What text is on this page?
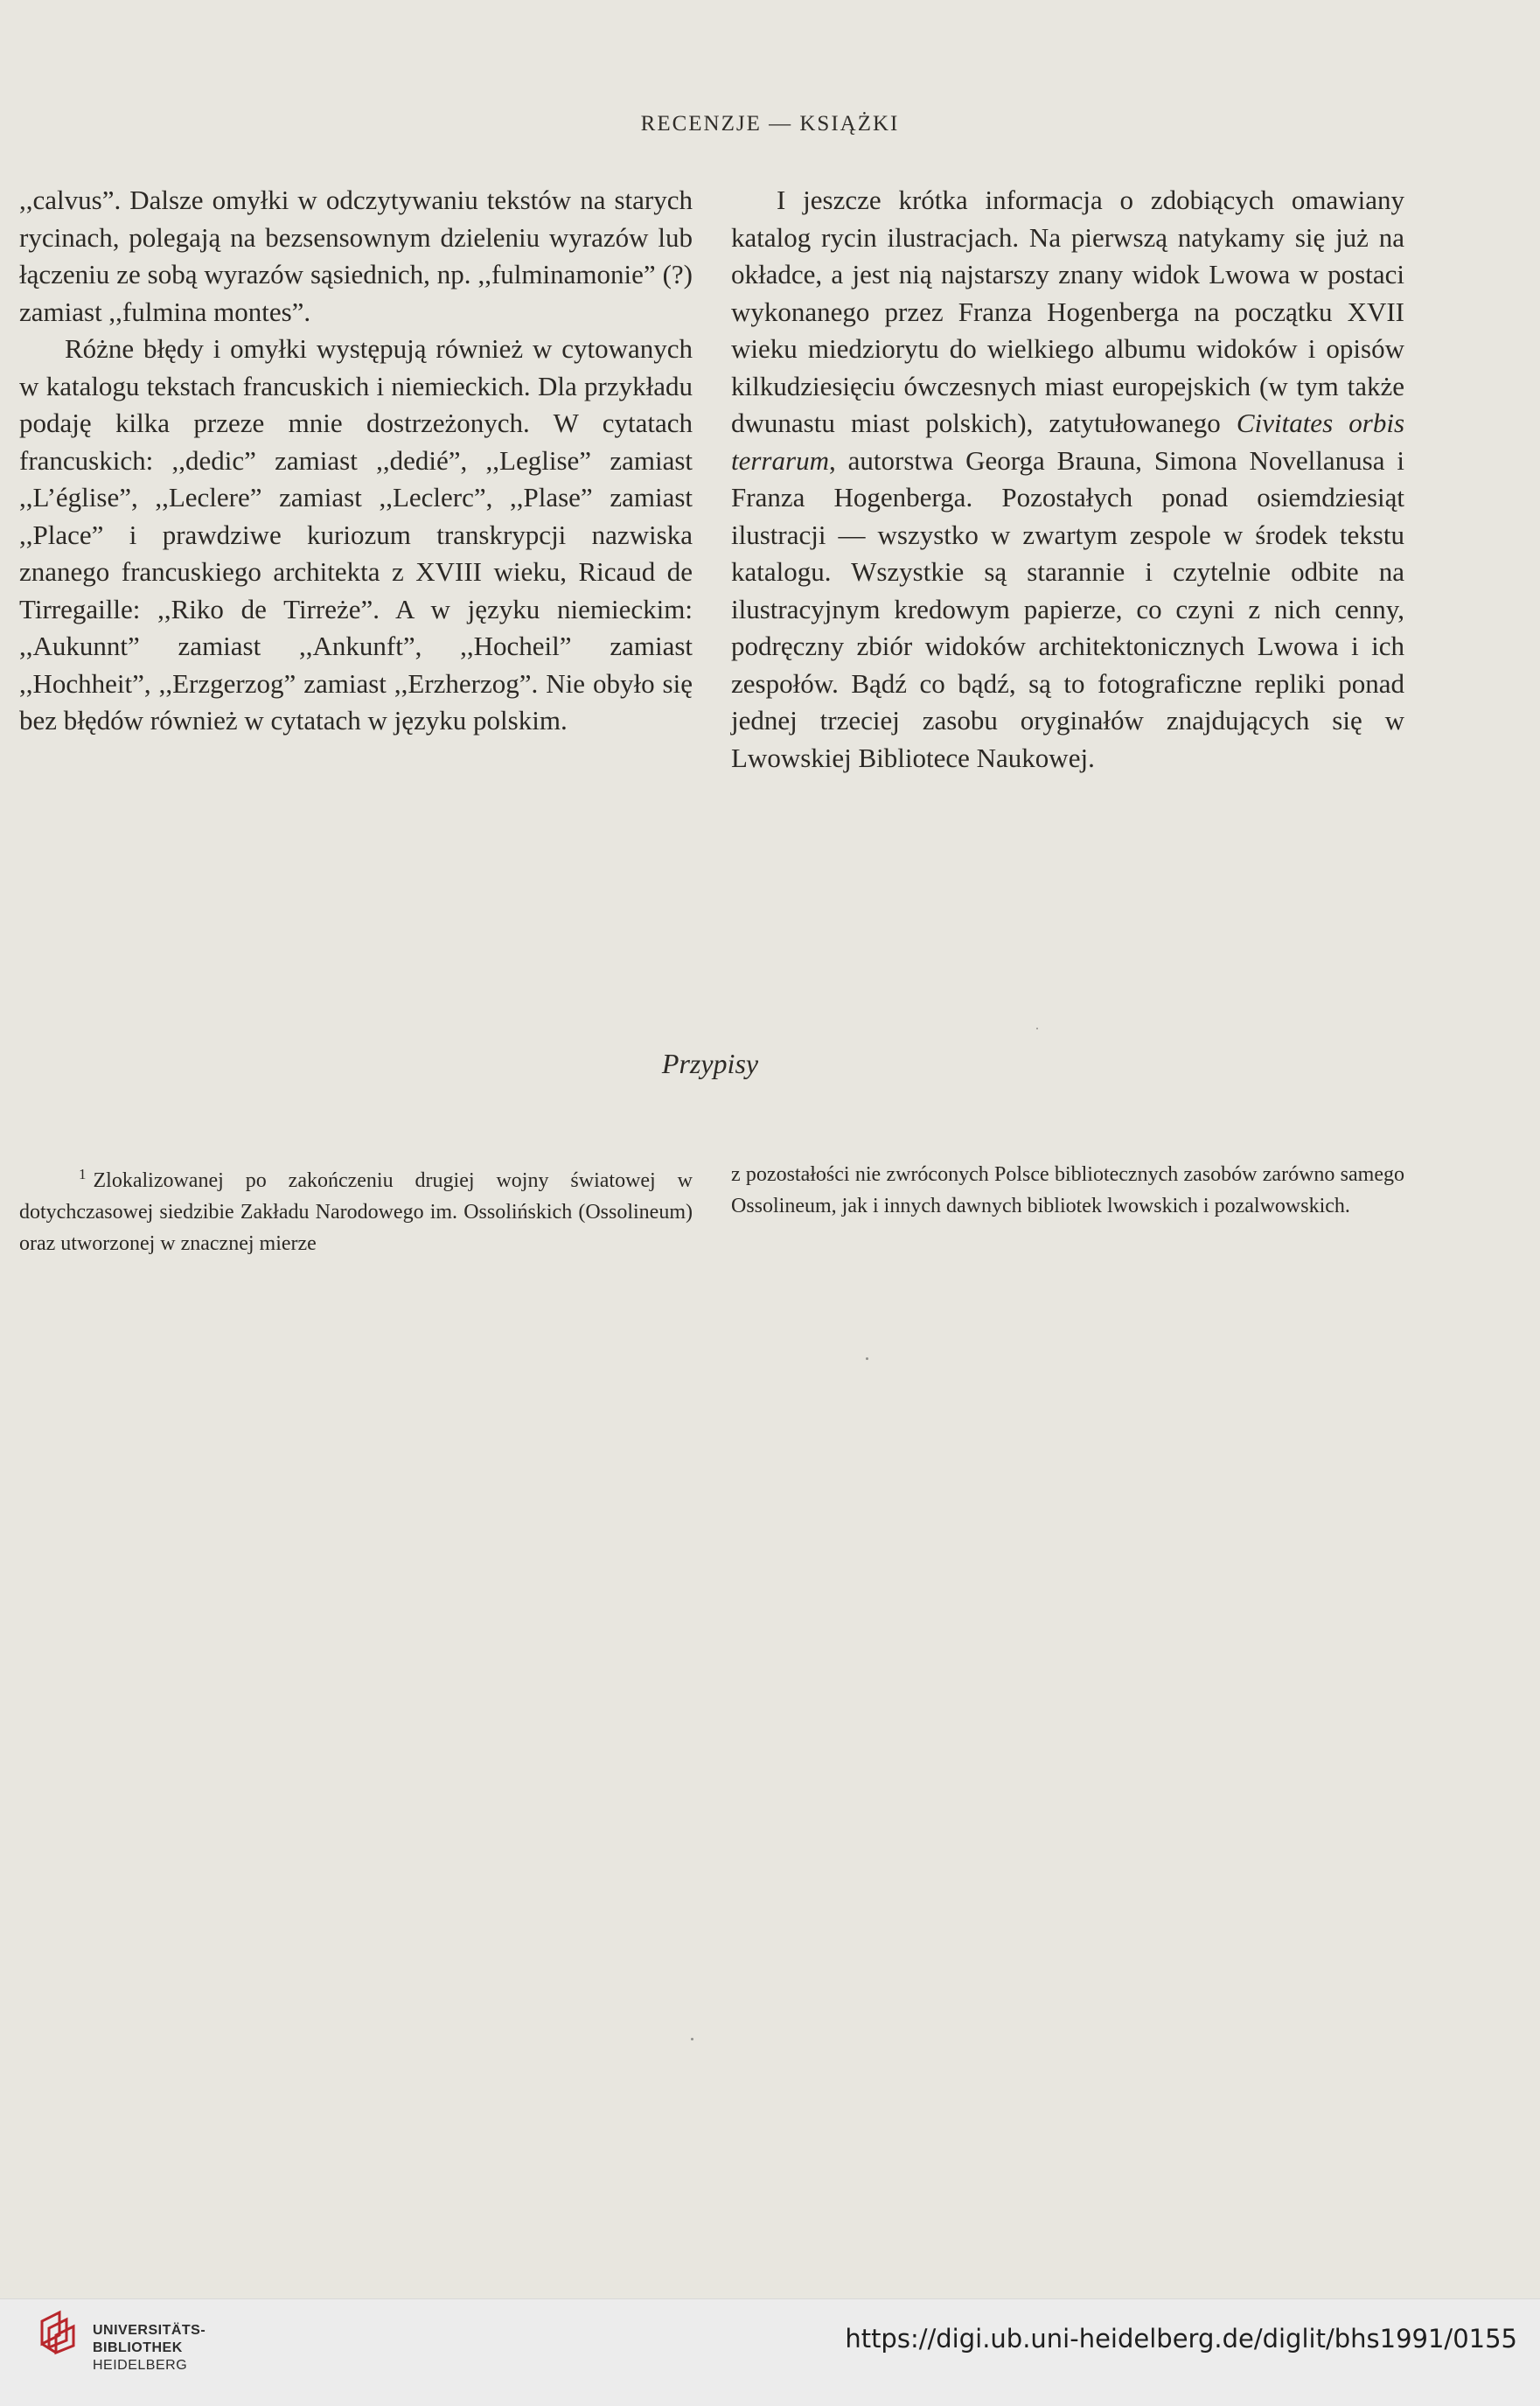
RECENZJE — KSIĄŻKI

,,calvus”. Dalsze omyłki w odczytywaniu tekstów na starych rycinach, polegają na bezsensownym dzieleniu wyrazów lub łączeniu ze sobą wyrazów sąsiednich, np. ,,fulminamonie” (?) zamiast ,,fulmina montes”.

Różne błędy i omyłki występują również w cytowanych w katalogu tekstach francuskich i niemieckich. Dla przykładu podaję kilka przeze mnie dostrzeżonych. W cytatach francuskich: ,,dedic” zamiast ,,dedié”, ,,Leglise” zamiast ,,L’église”, ,,Leclere” zamiast ,,Leclerc”, ,,Plase” zamiast ,,Place” i prawdziwe kuriozum transkrypcji nazwiska znanego francuskiego architekta z XVIII wieku, Ricaud de Tirregaille: ,,Riko de Tirreże”. A w języku niemieckim: ,,Aukunnt” zamiast ,,Ankunft”, ,,Hocheil” zamiast ,,Hochheit”, ,,Erzgerzog” zamiast ,,Erzherzog”. Nie obyło się bez błędów również w cytatach w języku polskim.

I jeszcze krótka informacja o zdobiących omawiany katalog rycin ilustracjach. Na pierwszą natykamy się już na okładce, a jest nią najstarszy znany widok Lwowa w postaci wykonanego przez Franza Hogenberga na początku XVII wieku miedziorytu do wielkiego albumu widoków i opisów kilkudziesięciu ówczesnych miast europejskich (w tym także dwunastu miast polskich), zatytułowanego Civitates orbis terrarum, autorstwa Georga Brauna, Simona Novellanusa i Franza Hogenberga. Pozostałych ponad osiemdziesiąt ilustracji — wszystko w zwartym zespole w środek tekstu katalogu. Wszystkie są starannie i czytelnie odbite na ilustracyjnym kredowym papierze, co czyni z nich cenny, podręczny zbiór widoków architektonicznych Lwowa i ich zespołów. Bądź co bądź, są to fotograficzne repliki ponad jednej trzeciej zasobu oryginałów znajdujących się w Lwowskiej Bibliotece Naukowej.

Przypisy

$^1$ Zlokalizowanej po zakończeniu drugiej wojny światowej w dotychczasowej siedzibie Zakładu Narodowego im. Ossolińskich (Ossolineum) oraz utworzonej w znacznej mierze

z pozostałości nie zwróconych Polsce bibliotecznych zasobów zarówno samego Ossolineum, jak i innych dawnych bibliotek lwowskich i pozalwowskich.

UNIVERSITÄTS-
BIBLIOTHEK
HEIDELBERG
https://digi.ub.uni-heidelberg.de/diglit/bhs1991/0155
